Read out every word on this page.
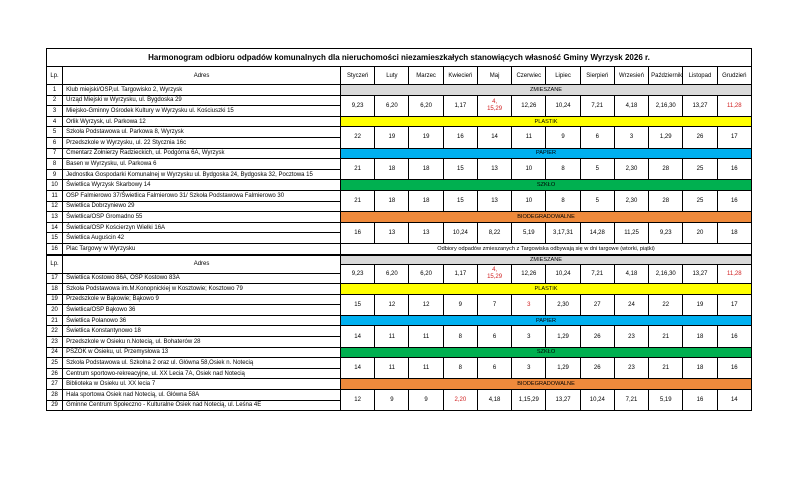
Harmonogram odbioru odpadów komunalnych dla nieruchomości niezamieszkałych stanowiących własność Gminy Wyrzysk 2026 r.													
Lp.	Adres	Styczeń	Luty	Marzec	Kwiecień	Maj	Czerwiec	Lipiec	Sierpień	Wrzesień	Październik	Listopad	Grudzień
1	Klub miejski/OSP,ul. Targowisko 2, Wyrzysk	ZMIESZANE											
2	Urząd Miejski w Wyrzysku, ul. Bygdoska 29	9,23	6,20	6,20	1,17	4,
15,29	12,26	10,24	7,21	4,18	2,16,30	13,27	11,28
3	Miejsko-Gminny Ośrodek Kultury w Wyrzysku ul. Kościuszki 15												
4	Orlik Wyrzysk, ul. Parkowa 12	PLASTIK											
5	Szkoła Podstawowa ul. Parkowa 8, Wyrzysk	22	19	19	16	14	11	9	6	3	1,29	26	17
6	Przedszkole w Wyrzysku, ul. 22 Stycznia 16c												
7	Cmentarz Żołnierzy Radzieckich, ul. Podgórna 6A, Wyrzysk	PAPIER											
8	Basen w Wyrzysku, ul. Parkowa 6	21	18	18	15	13	10	8	5	2,30	28	25	16
9	Jednostka Gospodarki Komunalnej w Wyrzysku ul. Bydgoska 24, Bydgoska 32, Pocztowa 15												
10	Świetlica Wyrzysk Skarbowy 14	SZKŁO											
11	OSP Falmierowo 37/Świetlica Falmierowo 31/ Szkoła Podstawowa Falmierowo 30	21	18	18	15	13	10	8	5	2,30	28	25	16
12	Świetlica Dobrzyniewo 29												
13	Świetlica/OSP Gromadno 55	BIODEGRADOWALNE											
14	Świetlica/OSP Kościerzyn Wielki 16A	16	13	13	10,24	8,22	5,19	3,17,31	14,28	11,25	9,23	20	18
15	Świetlica Auguścin 42												
16	Plac Targowy w Wyrzysku	Odbiory odpadów zmieszanych z Targowiska odbywają się w dni targowe (wtorki, piątki)											
Lp.	Adres	ZMIESZANE											
		9,23	6,20	6,20	1,17	4,
15,29	12,26	10,24	7,21	4,18	2,16,30	13,27	11,28
17	Świetlica Kostowo 86A, OSP Kostowo 83A												
18	Szkoła Podstawowa im.M.Konopnickiej w Kosztowie; Kosztowo 79	PLASTIK											
19	Przedszkole w Bąkowie; Bąkowo 9	15	12	12	9	7	3	2,30	27	24	22	19	17
20	Świetlica/OSP Bąkowo 36												
21	Świetlica Polanowo 36	PAPIER											
22	Świetlica Konstantynowo 18	14	11	11	8	6	3	1,29	26	23	21	18	16
23	Przedszkole w Osieku n.Notecią, ul. Bohaterów 28												
24	PSZOK w Osieku, ul. Przemysłowa 13	SZKŁO											
25	Szkoła Podstawowa ul. Szkolna 2 oraz ul. Główna 58,Osiek n. Notecią	14	11	11	8	6	3	1,29	26	23	21	18	16
26	Centrum sportowo-rekreacyjne, ul. XX Lecia 7A, Osiek nad Notecią												
27	Biblioteka w Osieku ul. XX lecia 7	BIODEGRADOWALNE											
28	Hala sportowa Osiek nad Notecią, ul. Główna 58A	12	9	9	2,20	4,18	1,15,29	13,27	10,24	7,21	5,19	16	14
29	Gminne Centrum Społeczno - Kulturalne Osiek nad Notecią, ul. Leśna 4E												
